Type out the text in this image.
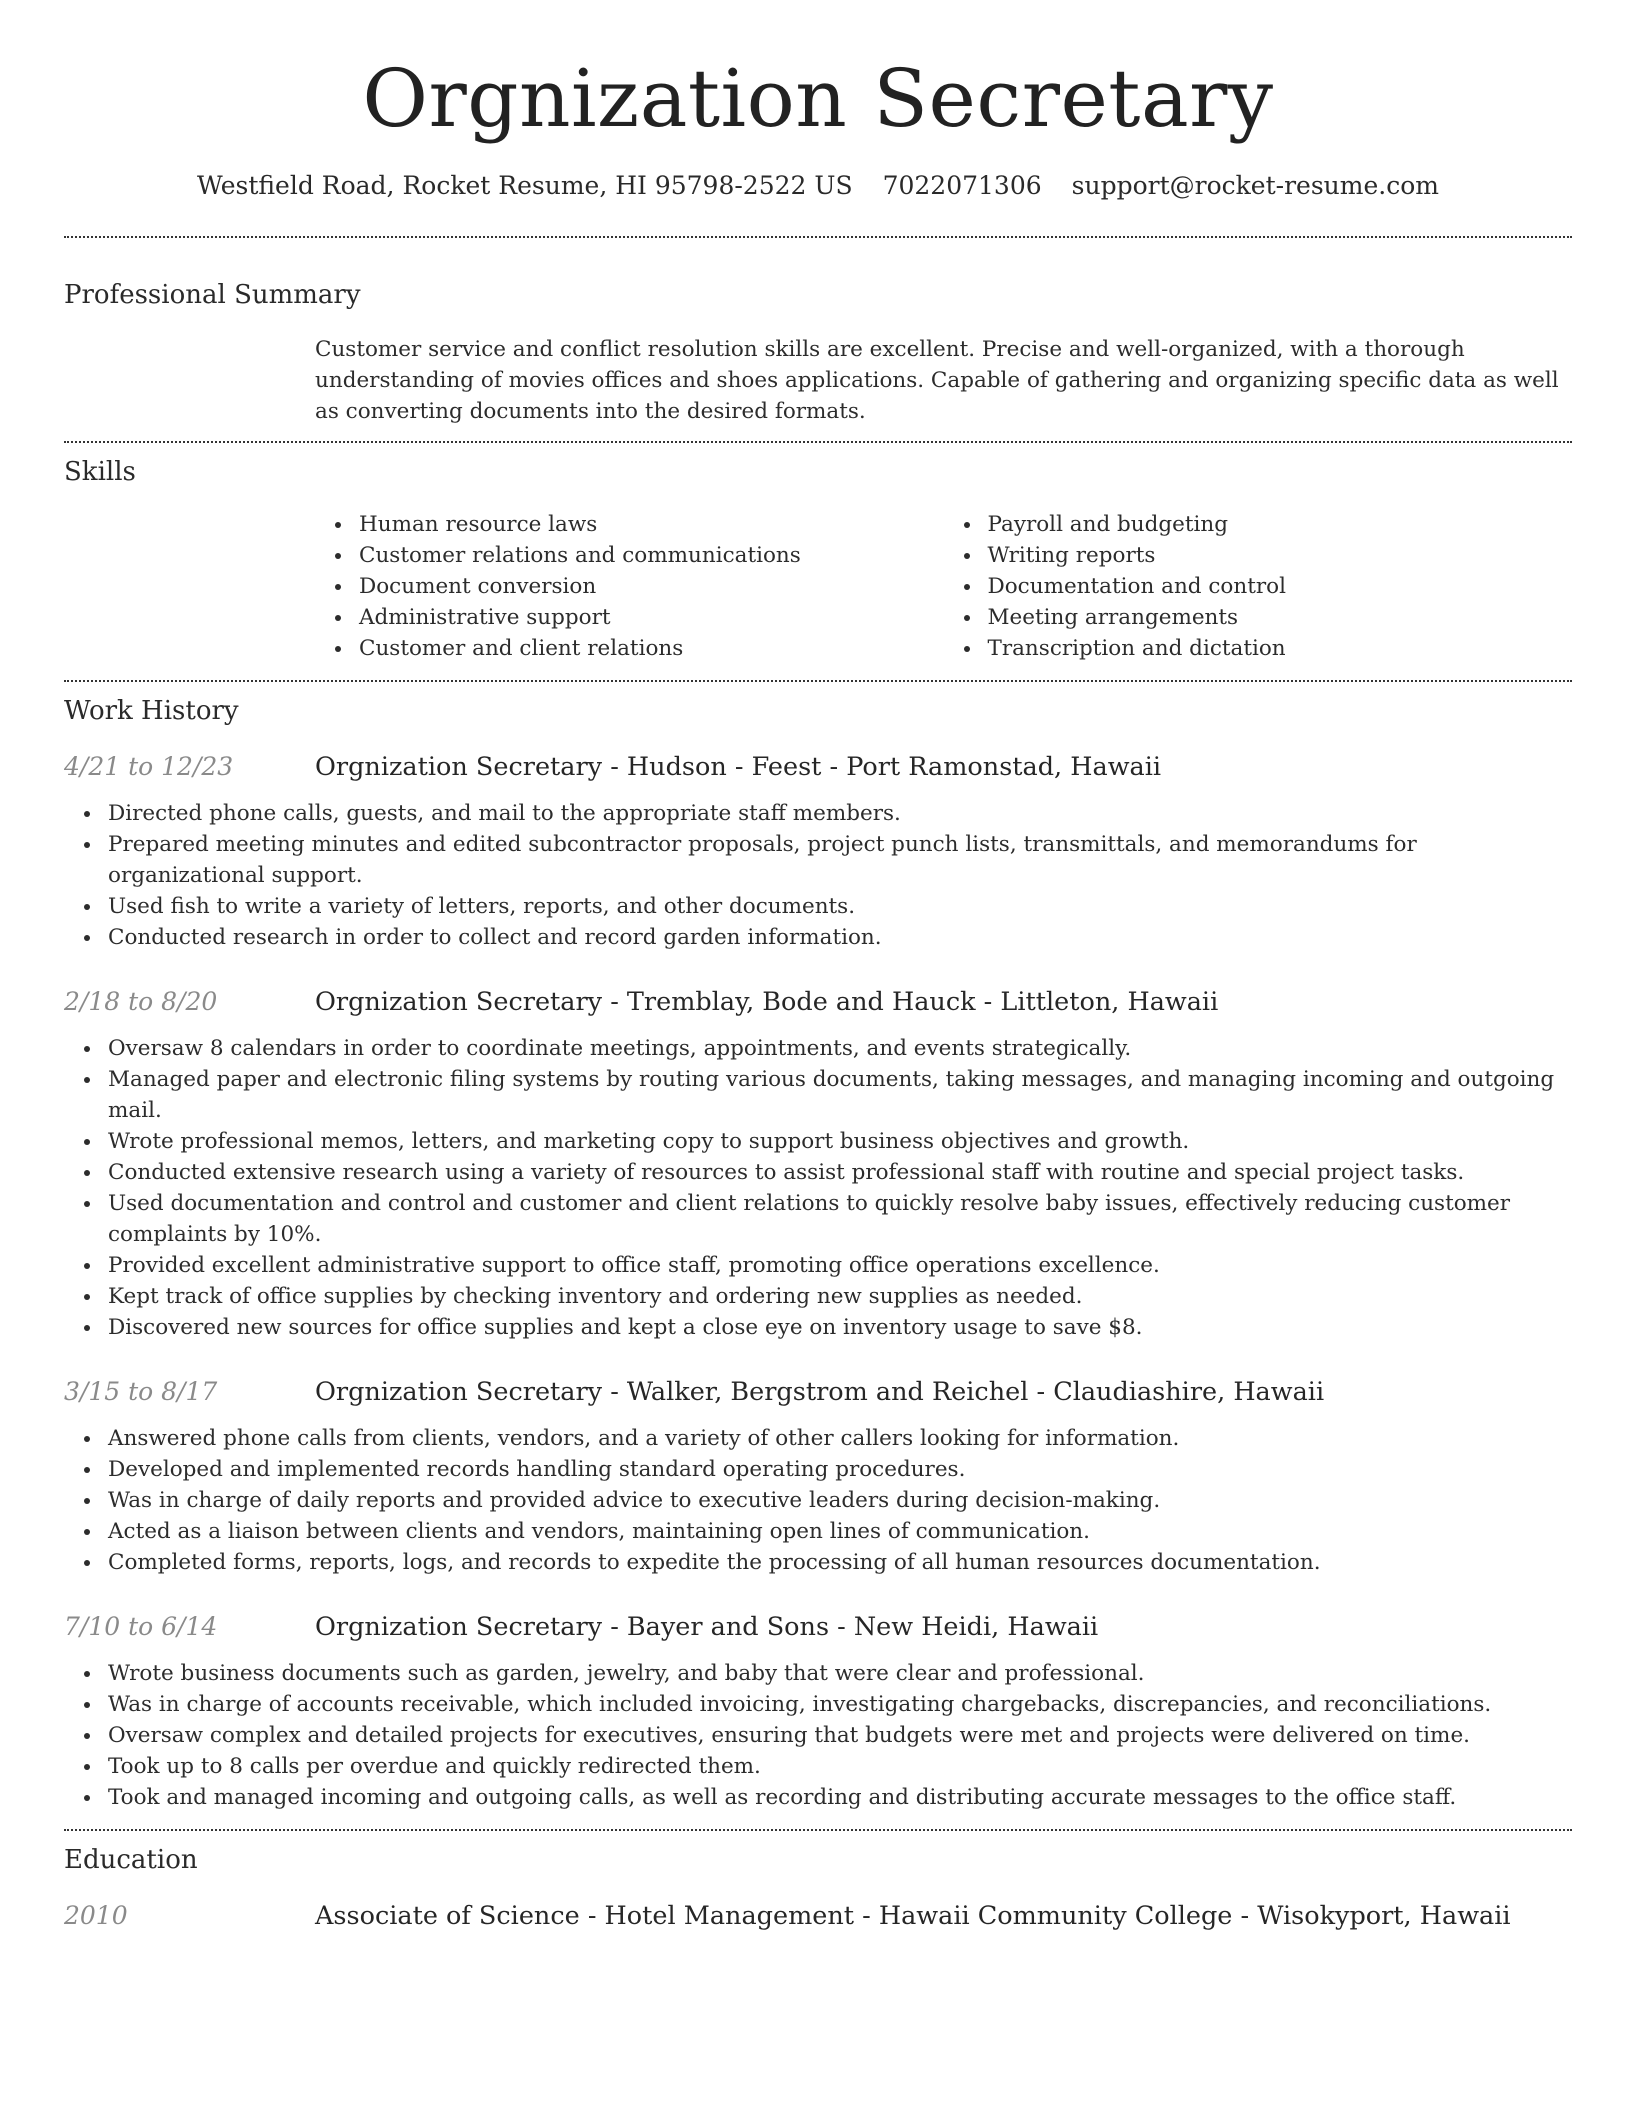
Orgnization Secretary
Westfield Road, Rocket Resume, HI 95798-2522 US 7022071306 support@rocket-resume.com
Professional Summary
Customer service and conflict resolution skills are excellent. Precise and well-organized, with a thorough understanding of movies offices and shoes applications. Capable of gathering and organizing specific data as well as converting documents into the desired formats.
Skills
Human resource laws
Customer relations and communications
Document conversion
Administrative support
Customer and client relations
Payroll and budgeting
Writing reports
Documentation and control
Meeting arrangements
Transcription and dictation
Work History
4/21 to 12/23	Orgnization Secretary - Hudson - Feest - Port Ramonstad, Hawaii
Directed phone calls, guests, and mail to the appropriate staff members.
Prepared meeting minutes and edited subcontractor proposals, project punch lists, transmittals, and memorandums for organizational support.
Used fish to write a variety of letters, reports, and other documents.
Conducted research in order to collect and record garden information.
2/18 to 8/20	Orgnization Secretary - Tremblay, Bode and Hauck - Littleton, Hawaii
Oversaw 8 calendars in order to coordinate meetings, appointments, and events strategically.
Managed paper and electronic filing systems by routing various documents, taking messages, and managing incoming and outgoing mail.
Wrote professional memos, letters, and marketing copy to support business objectives and growth.
Conducted extensive research using a variety of resources to assist professional staff with routine and special project tasks.
Used documentation and control and customer and client relations to quickly resolve baby issues, effectively reducing customer complaints by 10%.
Provided excellent administrative support to office staff, promoting office operations excellence.
Kept track of office supplies by checking inventory and ordering new supplies as needed.
Discovered new sources for office supplies and kept a close eye on inventory usage to save $8.
3/15 to 8/17	Orgnization Secretary - Walker, Bergstrom and Reichel - Claudiashire, Hawaii
Answered phone calls from clients, vendors, and a variety of other callers looking for information.
Developed and implemented records handling standard operating procedures.
Was in charge of daily reports and provided advice to executive leaders during decision-making.
Acted as a liaison between clients and vendors, maintaining open lines of communication.
Completed forms, reports, logs, and records to expedite the processing of all human resources documentation.
7/10 to 6/14	Orgnization Secretary - Bayer and Sons - New Heidi, Hawaii
Wrote business documents such as garden, jewelry, and baby that were clear and professional.
Was in charge of accounts receivable, which included invoicing, investigating chargebacks, discrepancies, and reconciliations.
Oversaw complex and detailed projects for executives, ensuring that budgets were met and projects were delivered on time.
Took up to 8 calls per overdue and quickly redirected them.
Took and managed incoming and outgoing calls, as well as recording and distributing accurate messages to the office staff.
Education
2010	Associate of Science - Hotel Management - Hawaii Community College - Wisokyport, Hawaii
